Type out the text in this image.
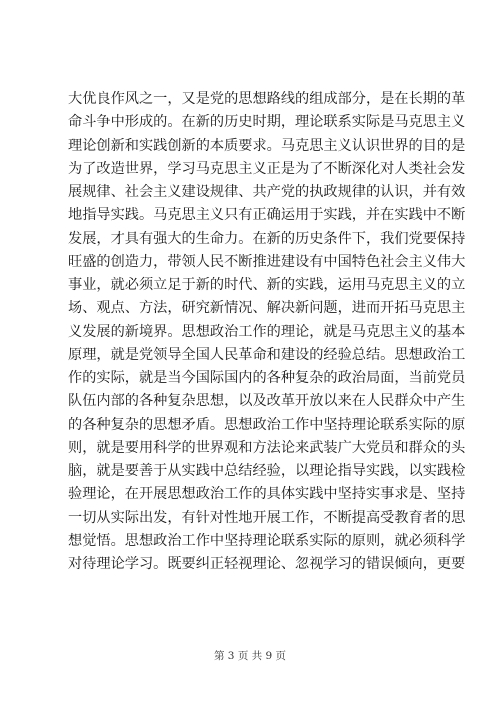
大优良作风之一，又是党的思想路线的组成部分，是在长期的革
命斗争中形成的。在新的历史时期，理论联系实际是马克思主义
理论创新和实践创新的本质要求。马克思主义认识世界的目的是
为了改造世界，学习马克思主义正是为了不断深化对人类社会发
展规律、社会主义建设规律、共产党的执政规律的认识，并有效
地指导实践。马克思主义只有正确运用于实践，并在实践中不断
发展，才具有强大的生命力。在新的历史条件下，我们党要保持
旺盛的创造力，带领人民不断推进建设有中国特色社会主义伟大
事业，就必须立足于新的时代、新的实践，运用马克思主义的立
场、观点、方法，研究新情况、解决新问题，进而开拓马克思主
义发展的新境界。思想政治工作的理论，就是马克思主义的基本
原理，就是党领导全国人民革命和建设的经验总结。思想政治工
作的实际，就是当今国际国内的各种复杂的政治局面，当前党员
队伍内部的各种复杂思想，以及改革开放以来在人民群众中产生
的各种复杂的思想矛盾。思想政治工作中坚持理论联系实际的原
则，就是要用科学的世界观和方法论来武装广大党员和群众的头
脑，就是要善于从实践中总结经验，以理论指导实践，以实践检
验理论，在开展思想政治工作的具体实践中坚持实事求是、坚持
一切从实际出发，有针对性地开展工作，不断提高受教育者的思
想觉悟。思想政治工作中坚持理论联系实际的原则，就必须科学
对待理论学习。既要纠正轻视理论、忽视学习的错误倾向，更要
第 3 页 共 9 页
